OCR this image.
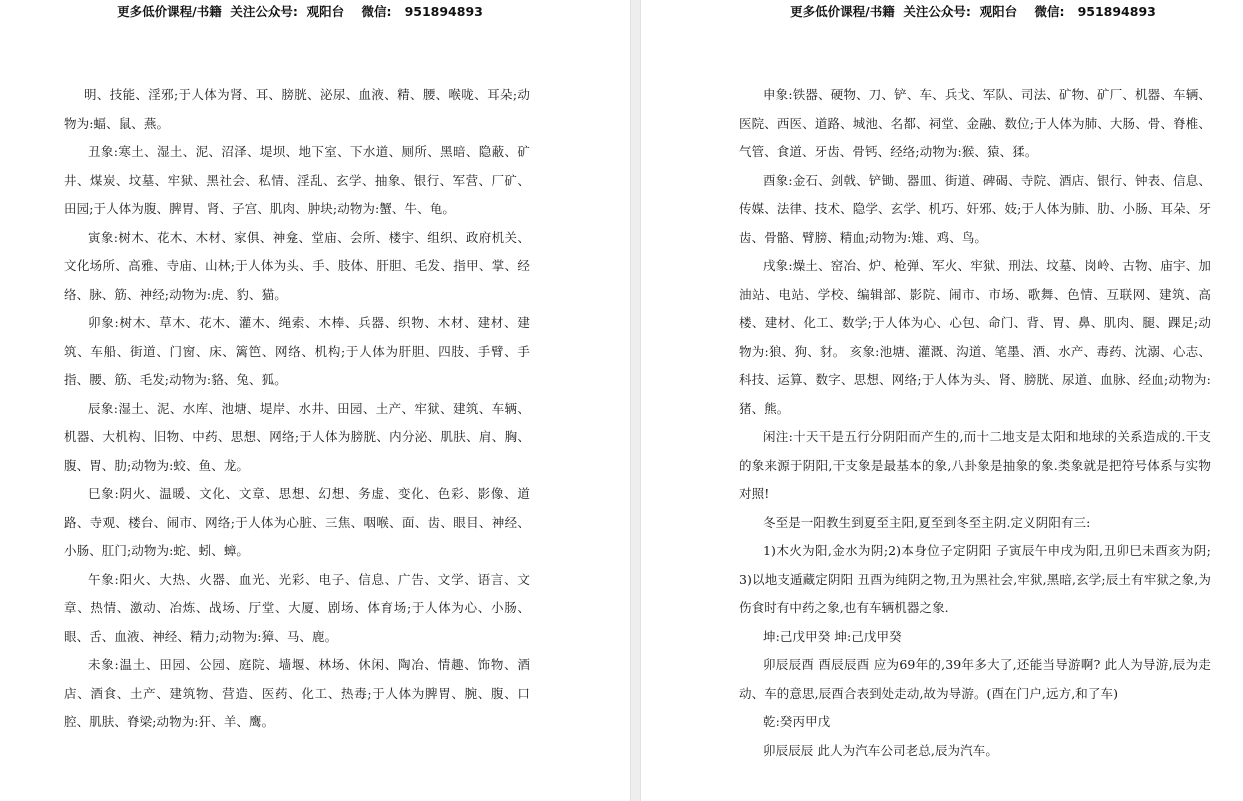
更多低价课程/书籍  关注公众号:  观阳台    微信:   951894893

明、技能、淫邪;于人体为肾、耳、膀胱、泌尿、血液、精、腰、喉咙、耳朵;动物为:蝠、鼠、燕。

丑象:寒土、湿土、泥、沼泽、堤坝、地下室、下水道、厕所、黑暗、隐蔽、矿井、煤炭、坟墓、牢狱、黑社会、私情、淫乱、玄学、抽象、银行、军营、厂矿、田园;于人体为腹、脾胃、肾、子宫、肌肉、肿块;动物为:蟹、牛、龟。

寅象:树木、花木、木材、家俱、神龛、堂庙、会所、楼宇、组织、政府机关、文化场所、高雅、寺庙、山林;于人体为头、手、肢体、肝胆、毛发、指甲、掌、经络、脉、筋、神经;动物为:虎、豹、猫。

卯象:树木、草木、花木、灌木、绳索、木棒、兵器、织物、木材、建材、建筑、车船、街道、门窗、床、篱笆、网络、机构;于人体为肝胆、四肢、手臂、手指、腰、筋、毛发;动物为:貉、兔、狐。

辰象:湿土、泥、水库、池塘、堤岸、水井、田园、土产、牢狱、建筑、车辆、机器、大机构、旧物、中药、思想、网络;于人体为膀胱、内分泌、肌肤、肩、胸、腹、胃、肋;动物为:蛟、鱼、龙。

巳象:阴火、温暖、文化、文章、思想、幻想、务虚、变化、色彩、影像、道路、寺观、楼台、闹市、网络;于人体为心脏、三焦、咽喉、面、齿、眼目、神经、小肠、肛门;动物为:蛇、蚓、蟑。

午象:阳火、大热、火器、血光、光彩、电子、信息、广告、文学、语言、文章、热情、激动、冶炼、战场、厅堂、大厦、剧场、体育场;于人体为心、小肠、眼、舌、血液、神经、精力;动物为:獐、马、鹿。

未象:温土、田园、公园、庭院、墙堰、林场、休闲、陶冶、情趣、饰物、酒店、酒食、土产、建筑物、营造、医药、化工、热毒;于人体为脾胃、腕、腹、口腔、肌肤、脊梁;动物为:犴、羊、鹰。

更多低价课程/书籍  关注公众号:  观阳台    微信:   951894893

申象:铁器、硬物、刀、铲、车、兵戈、军队、司法、矿物、矿厂、机器、车辆、医院、西医、道路、城池、名都、祠堂、金融、数位;于人体为肺、大肠、骨、脊椎、气管、食道、牙齿、骨钙、经络;动物为:猴、猿、猱。

酉象:金石、剑戟、铲锄、器皿、街道、碑碣、寺院、酒店、银行、钟表、信息、传媒、法律、技术、隐学、玄学、机巧、奸邪、妓;于人体为肺、肋、小肠、耳朵、牙齿、骨骼、臂膀、精血;动物为:雉、鸡、鸟。

戌象:燥土、窑冶、炉、枪弹、军火、牢狱、刑法、坟墓、岗岭、古物、庙宇、加油站、电站、学校、编辑部、影院、闹市、市场、歌舞、色情、互联网、建筑、高楼、建材、化工、数学;于人体为心、心包、命门、背、胃、鼻、肌肉、腿、踝足;动物为:狼、狗、豺。 亥象:池塘、灌溉、沟道、笔墨、酒、水产、毒药、沈溺、心志、科技、运算、数字、思想、网络;于人体为头、肾、膀胱、尿道、血脉、经血;动物为:猪、熊。

闲注:十天干是五行分阴阳而产生的,而十二地支是太阳和地球的关系造成的.干支的象来源于阴阳,干支象是最基本的象,八卦象是抽象的象.类象就是把符号体系与实物对照!

冬至是一阳教生到夏至主阳,夏至到冬至主阴.定义阴阳有三:

1)木火为阳,金水为阴;2)本身位子定阴阳 子寅辰午申戌为阳,丑卯巳未酉亥为阴;3)以地支遁藏定阴阳 丑酉为纯阴之物,丑为黑社会,牢狱,黑暗,玄学;辰土有牢狱之象,为伤食时有中药之象,也有车辆机器之象.

坤:己戊甲癸 坤:己戊甲癸

卯辰辰酉 酉辰辰酉 应为69年的,39年多大了,还能当导游啊? 此人为导游,辰为走动、车的意思,辰酉合表到处走动,故为导游。(酉在门户,远方,和了车)

乾:癸丙甲戊

卯辰辰辰 此人为汽车公司老总,辰为汽车。
